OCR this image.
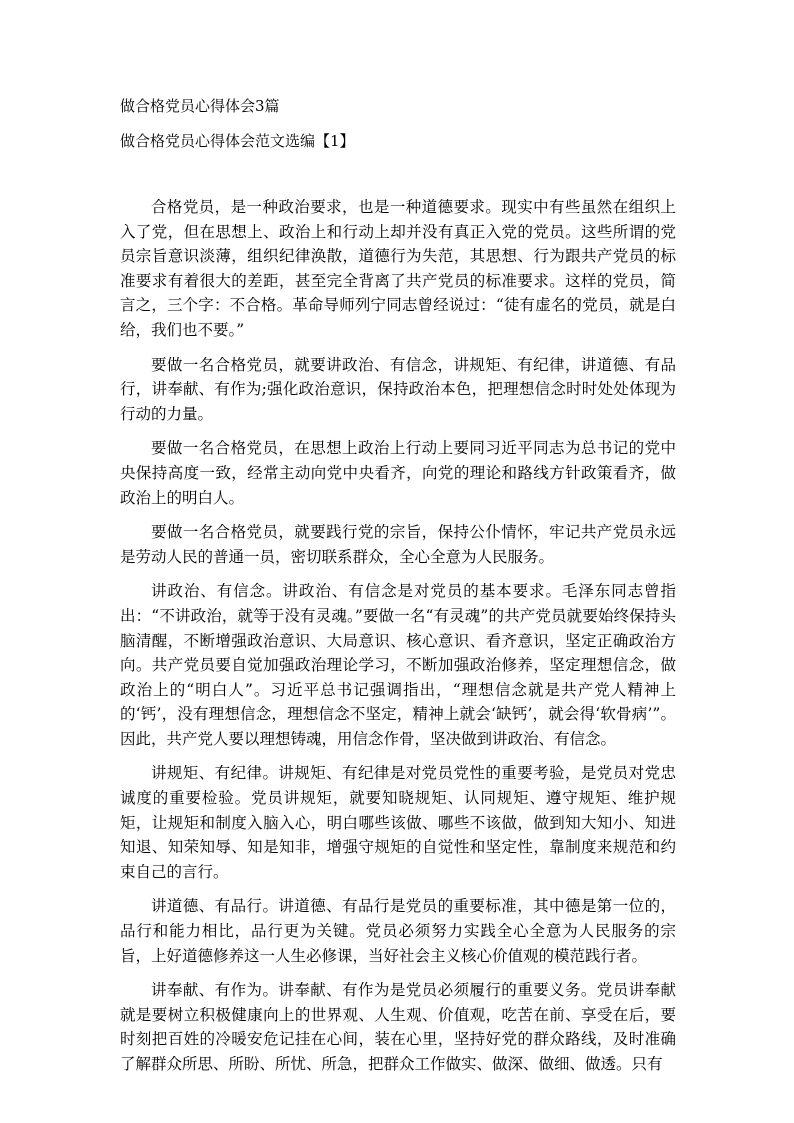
做合格党员心得体会3篇
做合格党员心得体会范文选编【1】

合格党员，是一种政治要求，也是一种道德要求。现实中有些虽然在组织上入了党，但在思想上、政治上和行动上却并没有真正入党的党员。这些所谓的党员宗旨意识淡薄，组织纪律涣散，道德行为失范，其思想、行为跟共产党员的标准要求有着很大的差距，甚至完全背离了共产党员的标准要求。这样的党员，简言之，三个字：不合格。革命导师列宁同志曾经说过：“徒有虚名的党员，就是白给，我们也不要。”

要做一名合格党员，就要讲政治、有信念，讲规矩、有纪律，讲道德、有品行，讲奉献、有作为;强化政治意识，保持政治本色，把理想信念时时处处体现为行动的力量。

要做一名合格党员，在思想上政治上行动上要同习近平同志为总书记的党中央保持高度一致，经常主动向党中央看齐，向党的理论和路线方针政策看齐，做政治上的明白人。

要做一名合格党员，就要践行党的宗旨，保持公仆情怀，牢记共产党员永远是劳动人民的普通一员，密切联系群众，全心全意为人民服务。

讲政治、有信念。讲政治、有信念是对党员的基本要求。毛泽东同志曾指出：“不讲政治，就等于没有灵魂。”要做一名“有灵魂”的共产党员就要始终保持头脑清醒，不断增强政治意识、大局意识、核心意识、看齐意识，坚定正确政治方向。共产党员要自觉加强政治理论学习，不断加强政治修养，坚定理想信念，做政治上的“明白人”。习近平总书记强调指出，“理想信念就是共产党人精神上的‘钙’，没有理想信念，理想信念不坚定，精神上就会‘缺钙’，就会得‘软骨病’”。因此，共产党人要以理想铸魂，用信念作骨，坚决做到讲政治、有信念。

讲规矩、有纪律。讲规矩、有纪律是对党员党性的重要考验，是党员对党忠诚度的重要检验。党员讲规矩，就要知晓规矩、认同规矩、遵守规矩、维护规矩，让规矩和制度入脑入心，明白哪些该做、哪些不该做，做到知大知小、知进知退、知荣知辱、知是知非，增强守规矩的自觉性和坚定性，靠制度来规范和约束自己的言行。

讲道德、有品行。讲道德、有品行是党员的重要标准，其中德是第一位的，品行和能力相比，品行更为关键。党员必须努力实践全心全意为人民服务的宗旨，上好道德修养这一人生必修课，当好社会主义核心价值观的模范践行者。

讲奉献、有作为。讲奉献、有作为是党员必须履行的重要义务。党员讲奉献就是要树立积极健康向上的世界观、人生观、价值观，吃苦在前、享受在后，要时刻把百姓的冷暖安危记挂在心间，装在心里，坚持好党的群众路线，及时准确了解群众所思、所盼、所忧、所急，把群众工作做实、做深、做细、做透。只有
